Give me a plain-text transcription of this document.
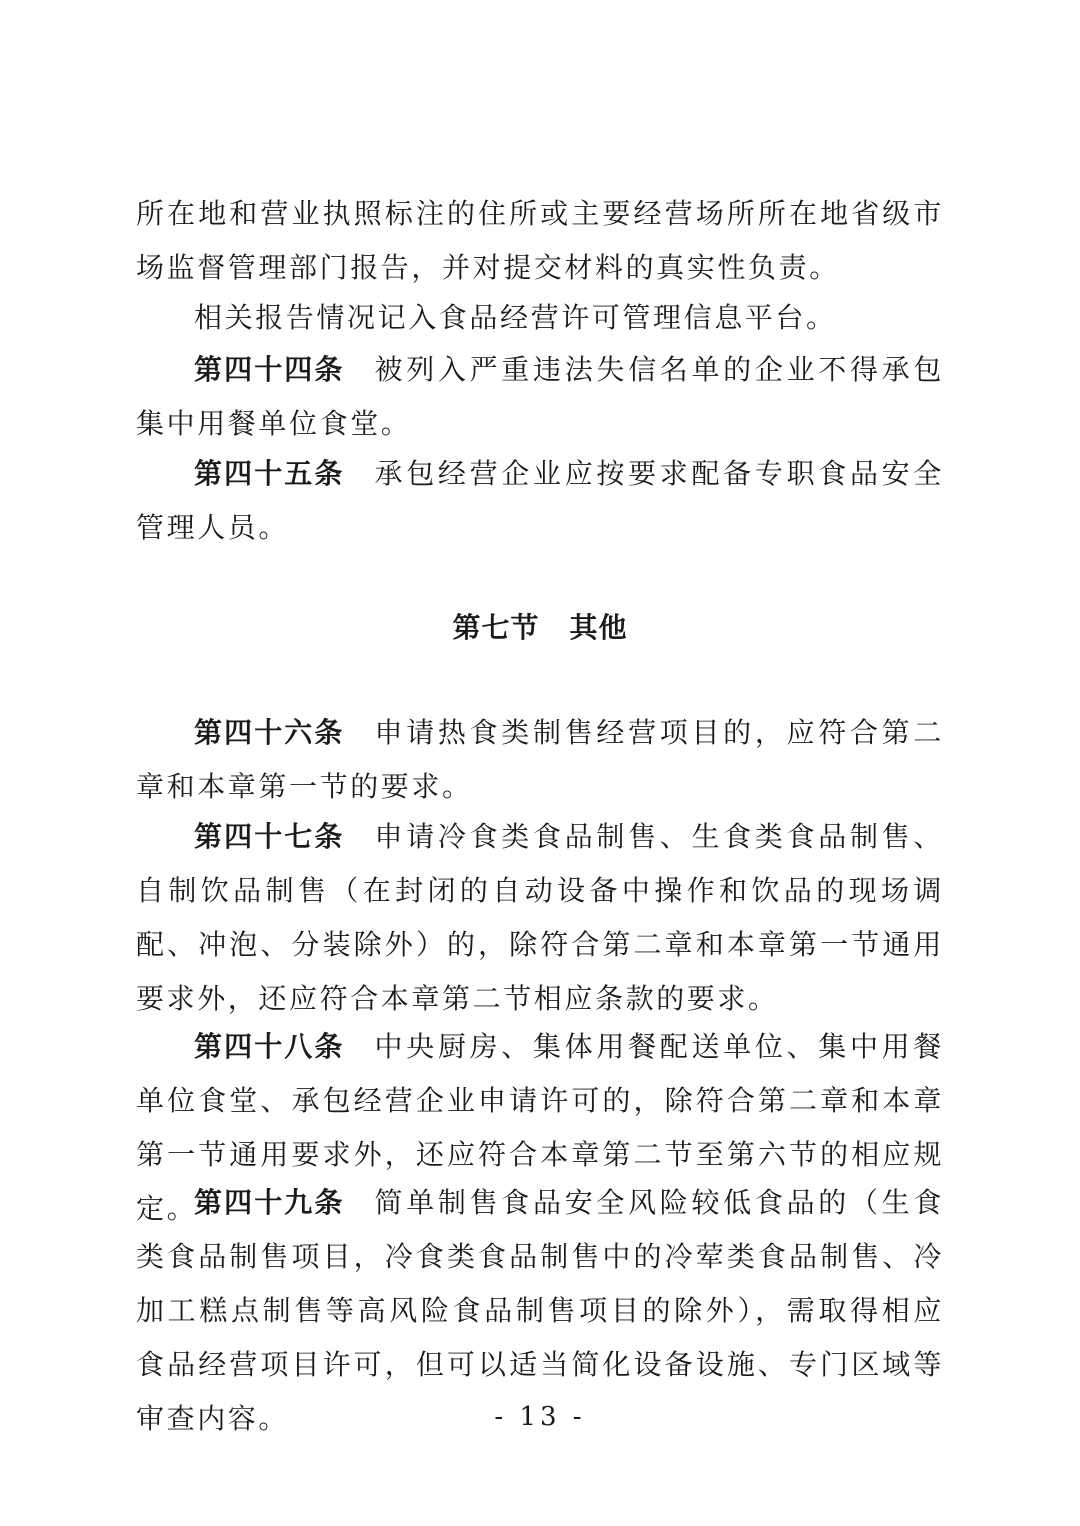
所在地和营业执照标注的住所或主要经营场所所在地省级市场监督管理部门报告，并对提交材料的真实性负责。

相关报告情况记入食品经营许可管理信息平台。

第四十四条 被列入严重违法失信名单的企业不得承包集中用餐单位食堂。

第四十五条 承包经营企业应按要求配备专职食品安全管理人员。

第七节 其他

第四十六条 申请热食类制售经营项目的，应符合第二章和本章第一节的要求。

第四十七条 申请冷食类食品制售、生食类食品制售、自制饮品制售（在封闭的自动设备中操作和饮品的现场调配、冲泡、分装除外）的，除符合第二章和本章第一节通用要求外，还应符合本章第二节相应条款的要求。

第四十八条 中央厨房、集体用餐配送单位、集中用餐单位食堂、承包经营企业申请许可的，除符合第二章和本章第一节通用要求外，还应符合本章第二节至第六节的相应规定。

第四十九条 简单制售食品安全风险较低食品的（生食类食品制售项目，冷食类食品制售中的冷荤类食品制售、冷加工糕点制售等高风险食品制售项目的除外），需取得相应食品经营项目许可，但可以适当简化设备设施、专门区域等审查内容。	- 13 -
